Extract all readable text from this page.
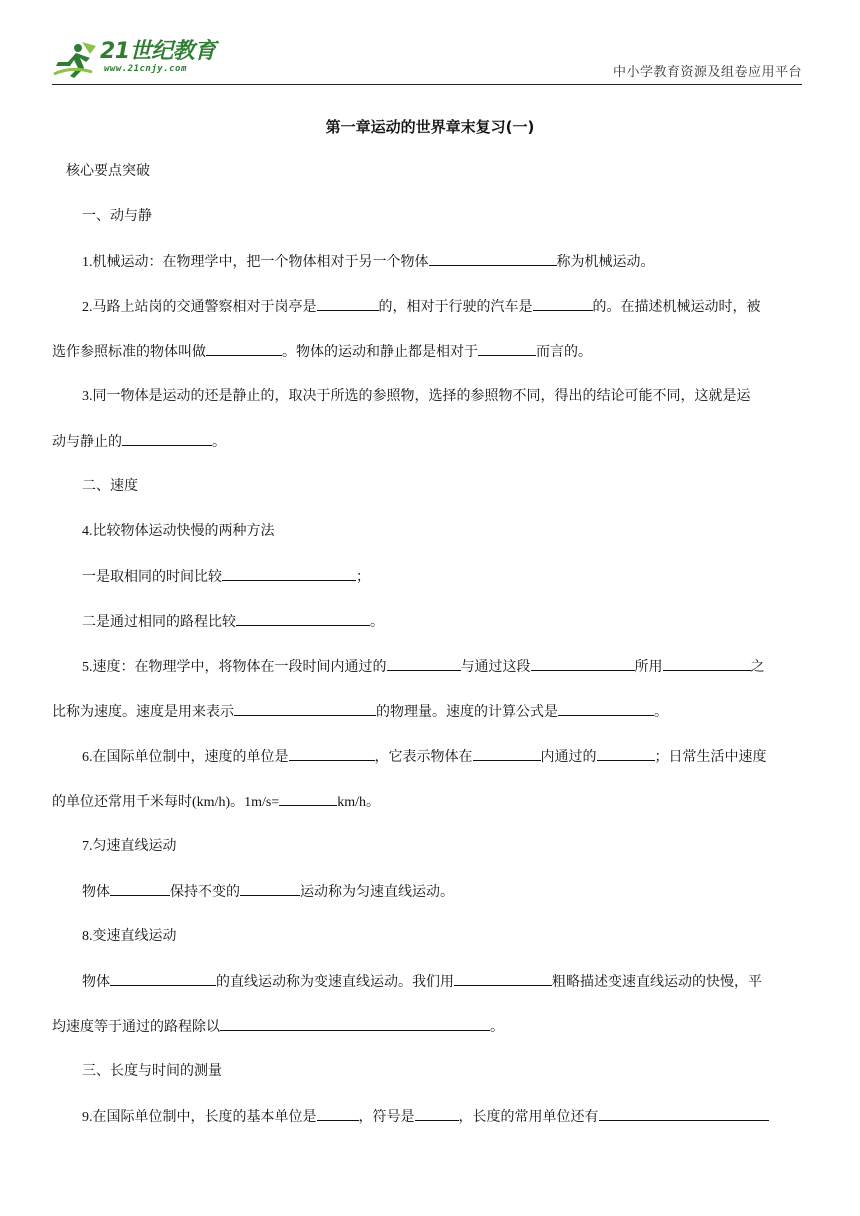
21世纪教育
www.21cnjy.com	中小学教育资源及组卷应用平台
第一章运动的世界章末复习(一)
核心要点突破
一、动与静
1.机械运动：在物理学中，把一个物体相对于另一个物体	称为机械运动。
2.马路上站岗的交通警察相对于岗亭是	的，相对于行驶的汽车是	的。在描述机械运动时，被
选作参照标准的物体叫做	。物体的运动和静止都是相对于	而言的。
3.同一物体是运动的还是静止的，取决于所选的参照物，选择的参照物不同，得出的结论可能不同，这就是运
动与静止的	。
二、速度
4.比较物体运动快慢的两种方法
一是取相同的时间比较	；
二是通过相同的路程比较	。
5.速度：在物理学中，将物体在一段时间内通过的	与通过这段	所用	之
比称为速度。速度是用来表示	的物理量。速度的计算公式是	。
6.在国际单位制中，速度的单位是	，它表示物体在	内通过的	；日常生活中速度
的单位还常用千米每时(km/h)。1m/s=	km/h。
7.匀速直线运动
物体	保持不变的	运动称为匀速直线运动。
8.变速直线运动
物体	的直线运动称为变速直线运动。我们用	粗略描述变速直线运动的快慢，平
均速度等于通过的路程除以	。
三、长度与时间的测量
9.在国际单位制中，长度的基本单位是	，符号是	，长度的常用单位还有
